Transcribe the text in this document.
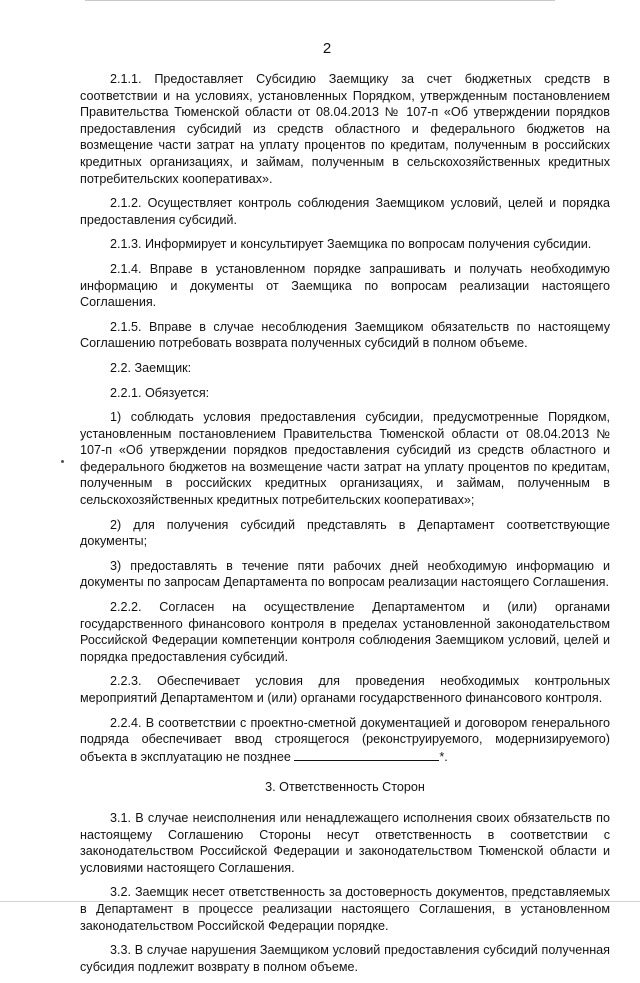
2

2.1.1. Предоставляет Субсидию Заемщику за счет бюджетных средств в соответствии и на условиях, установленных Порядком, утвержденным постановлением Правительства Тюменской области от 08.04.2013 № 107-п «Об утверждении порядков предоставления субсидий из средств областного и федерального бюджетов на возмещение части затрат на уплату процентов по кредитам, полученным в российских кредитных организациях, и займам, полученным в сельскохозяйственных кредитных потребительских кооперативах».

2.1.2. Осуществляет контроль соблюдения Заемщиком условий, целей и порядка предоставления субсидий.

2.1.3. Информирует и консультирует Заемщика по вопросам получения субсидии.

2.1.4. Вправе в установленном порядке запрашивать и получать необходимую информацию и документы от Заемщика по вопросам реализации настоящего Соглашения.

2.1.5. Вправе в случае несоблюдения Заемщиком обязательств по настоящему Соглашению потребовать возврата полученных субсидий в полном объеме.

2.2. Заемщик:

2.2.1. Обязуется:

1) соблюдать условия предоставления субсидии, предусмотренные Порядком, установленным постановлением Правительства Тюменской области от 08.04.2013 № 107-п «Об утверждении порядков предоставления субсидий из средств областного и федерального бюджетов на возмещение части затрат на уплату процентов по кредитам, полученным в российских кредитных организациях, и займам, полученным в сельскохозяйственных кредитных потребительских кооперативах»;

2) для получения субсидий представлять в Департамент соответствующие документы;

3) предоставлять в течение пяти рабочих дней необходимую информацию и документы по запросам Департамента по вопросам реализации настоящего Соглашения.

2.2.2. Согласен на осуществление Департаментом и (или) органами государственного финансового контроля в пределах установленной законодательством Российской Федерации компетенции контроля соблюдения Заемщиком условий, целей и порядка предоставления субсидий.

2.2.3. Обеспечивает условия для проведения необходимых контрольных мероприятий Департаментом и (или) органами государственного финансового контроля.

2.2.4. В соответствии с проектно-сметной документацией и договором генерального подряда обеспечивает ввод строящегося (реконструируемого, модернизируемого) объекта в эксплуатацию не позднее	*.

3. Ответственность Сторон

3.1. В случае неисполнения или ненадлежащего исполнения своих обязательств по настоящему Соглашению Стороны несут ответственность в соответствии с законодательством Российской Федерации и законодательством Тюменской области и условиями настоящего Соглашения.

3.2. Заемщик несет ответственность за достоверность документов, представляемых в Департамент в процессе реализации настоящего Соглашения, в установленном законодательством Российской Федерации порядке.

3.3. В случае нарушения Заемщиком условий предоставления субсидий полученная субсидия подлежит возврату в полном объеме.
